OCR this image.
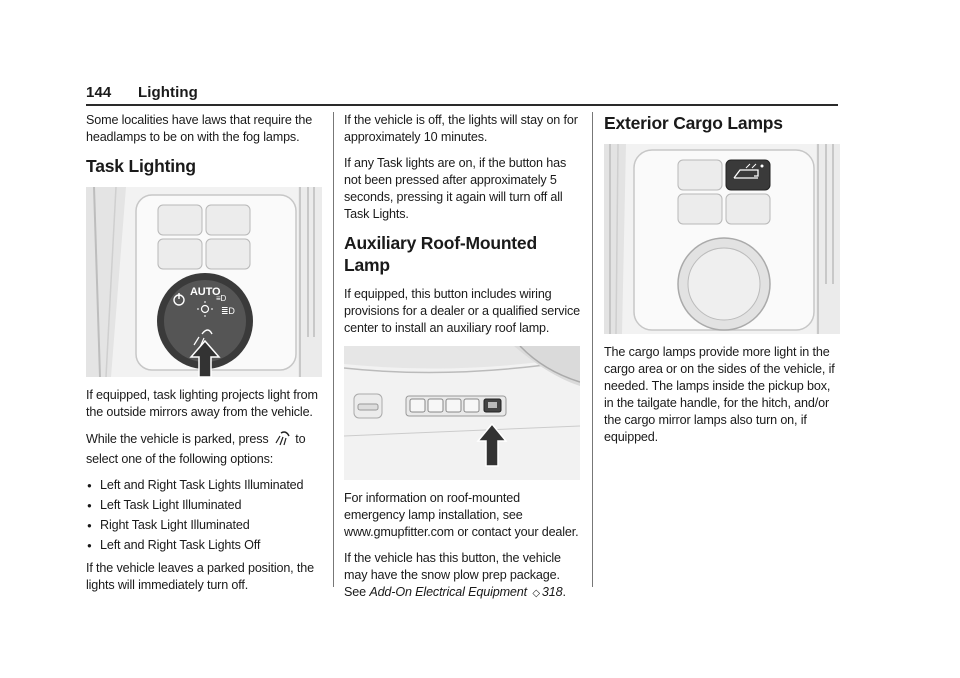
144 Lighting

Some localities have laws that require the headlamps to be on with the fog lamps.

Task Lighting
AUTO
≡D
≣D

If equipped, task lighting projects light from the outside mirrors away from the vehicle.

While the vehicle is parked, press to select one of the following options:

● Left and Right Task Lights Illuminated
● Left Task Light Illuminated
● Right Task Light Illuminated
● Left and Right Task Lights Off

If the vehicle leaves a parked position, the lights will immediately turn off.

If the vehicle is off, the lights will stay on for approximately 10 minutes.

If any Task lights are on, if the button has not been pressed after approximately 5 seconds, pressing it again will turn off all Task Lights.

Auxiliary Roof-Mounted Lamp

If equipped, this button includes wiring provisions for a dealer or a qualified service center to install an auxiliary roof lamp.

For information on roof-mounted emergency lamp installation, see www.gmupfitter.com or contact your dealer.

If the vehicle has this button, the vehicle may have the snow plow prep package. See Add-On Electrical Equipment ◇ 318.

Exterior Cargo Lamps

The cargo lamps provide more light in the cargo area or on the sides of the vehicle, if needed. The lamps inside the pickup box, in the tailgate handle, for the hitch, and/or the cargo mirror lamps also turn on, if equipped.
